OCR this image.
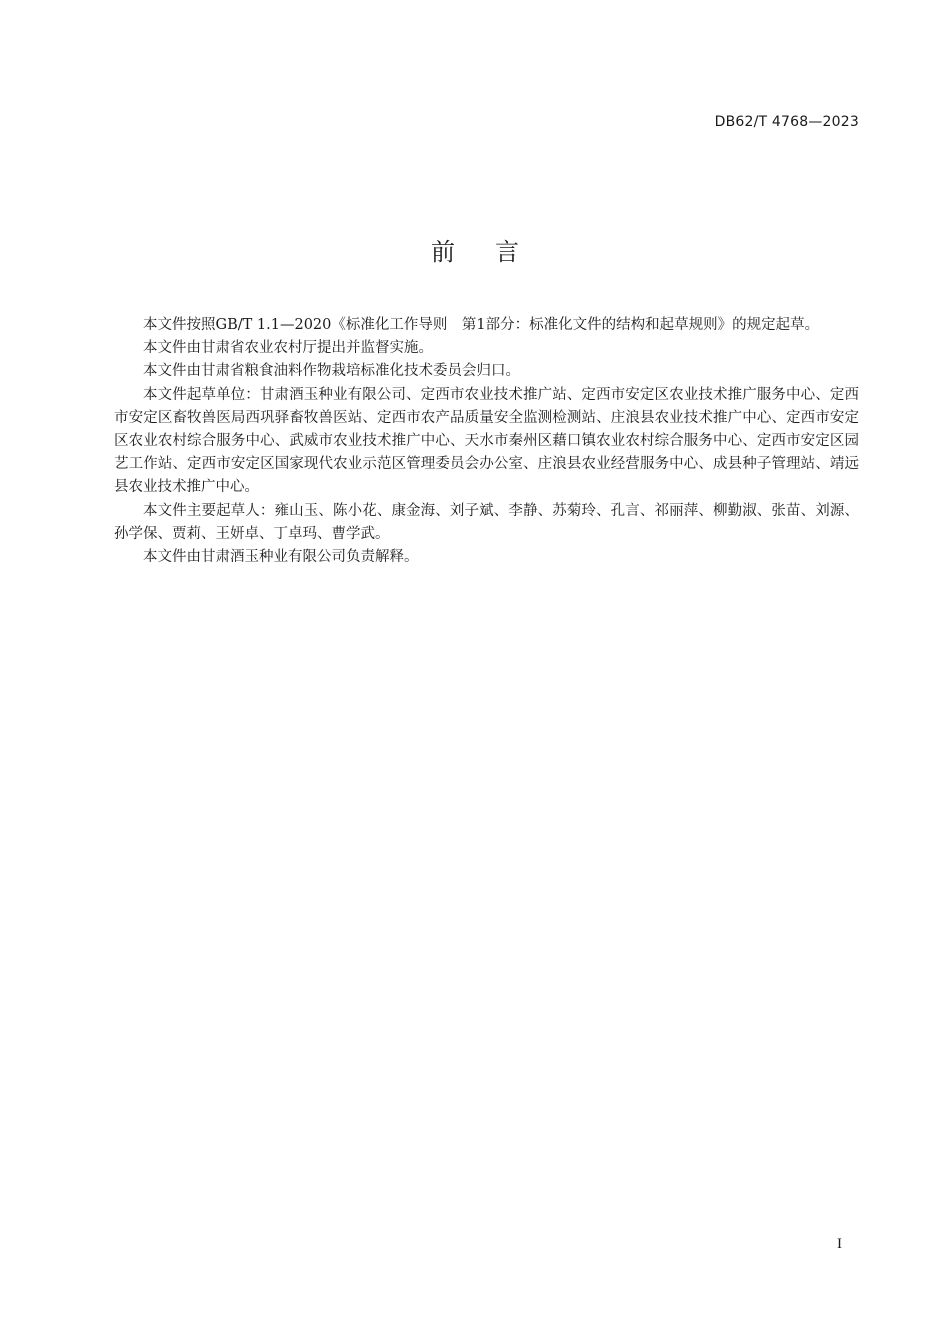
DB62/T 4768—2023
前言

本文件按照GB/T 1.1—2020《标准化工作导则　第1部分：标准化文件的结构和起草规则》的规定起草。

本文件由甘肃省农业农村厅提出并监督实施。

本文件由甘肃省粮食油料作物栽培标准化技术委员会归口。

本文件起草单位：甘肃酒玉种业有限公司、定西市农业技术推广站、定西市安定区农业技术推广服务中心、定西市安定区畜牧兽医局西巩驿畜牧兽医站、定西市农产品质量安全监测检测站、庄浪县农业技术推广中心、定西市安定区农业农村综合服务中心、武威市农业技术推广中心、天水市秦州区藉口镇农业农村综合服务中心、定西市安定区园艺工作站、定西市安定区国家现代农业示范区管理委员会办公室、庄浪县农业经营服务中心、成县种子管理站、靖远县农业技术推广中心。

本文件主要起草人：雍山玉、陈小花、康金海、刘子斌、李静、苏菊玲、孔言、祁丽萍、柳勤淑、张苗、刘源、孙学保、贾莉、王妍卓、丁卓玛、曹学武。

本文件由甘肃酒玉种业有限公司负责解释。

I
